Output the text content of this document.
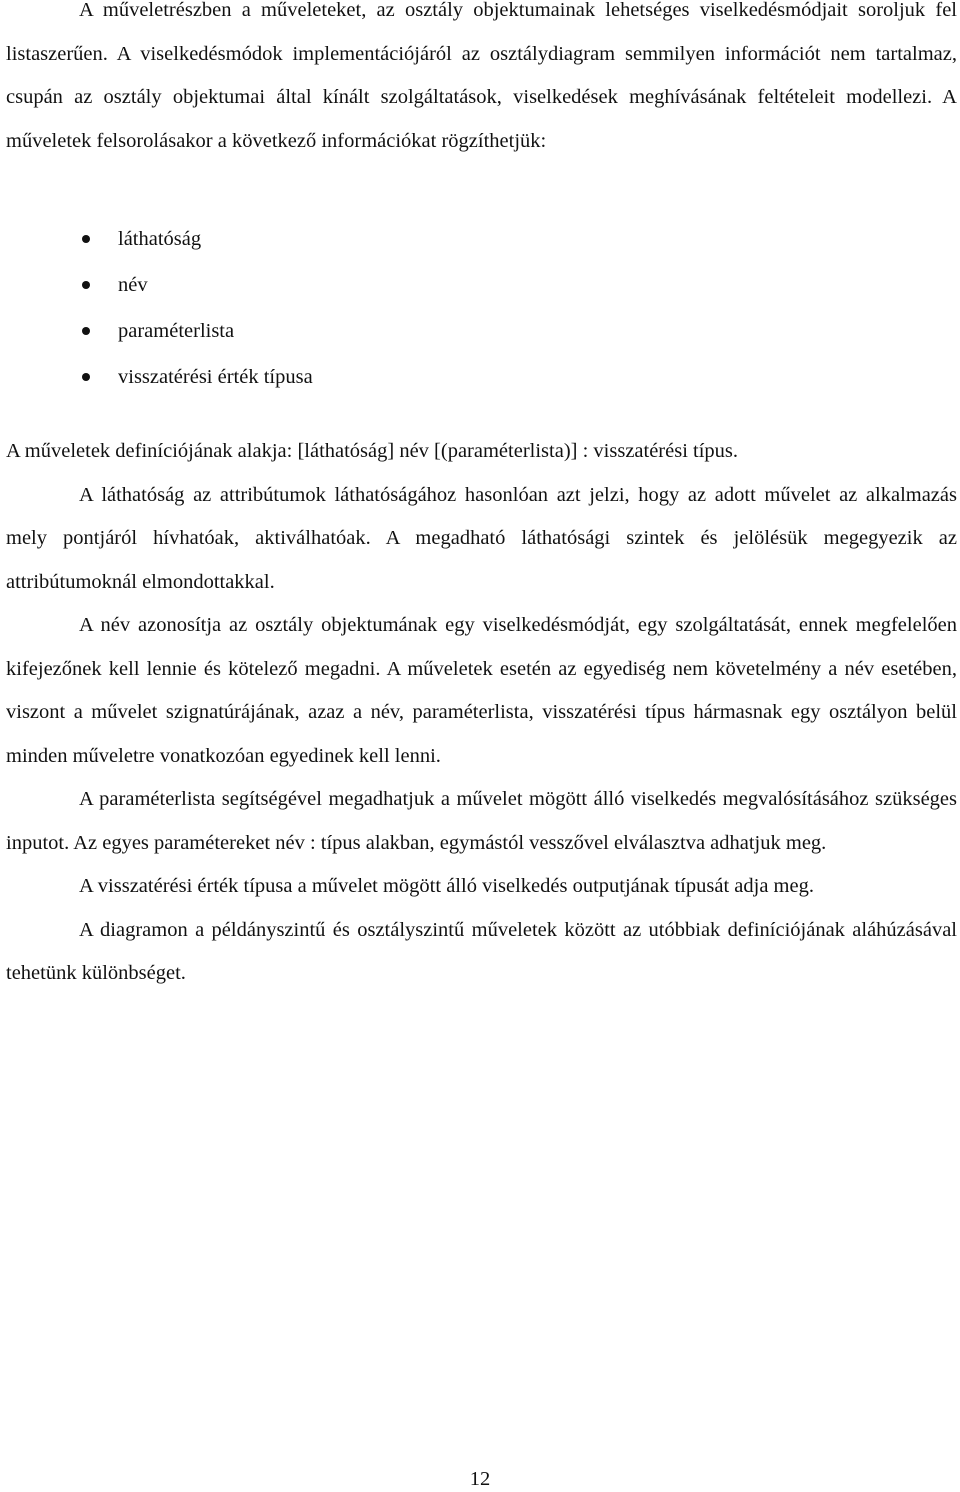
A műveletrészben a műveleteket, az osztály objektumainak lehetséges viselkedésmódjait soroljuk fel listaszerűen. A viselkedésmódok implementációjáról az osztálydiagram semmilyen információt nem tartalmaz, csupán az osztály objektumai által kínált szolgáltatások, viselkedések meghívásának feltételeit modellezi. A műveletek felsorolásakor a következő információkat rögzíthetjük:

láthatóság
név
paraméterlista
visszatérési érték típusa

A műveletek definíciójának alakja: [láthatóság] név [(paraméterlista)] : visszatérési típus.

A láthatóság az attribútumok láthatóságához hasonlóan azt jelzi, hogy az adott művelet az alkalmazás mely pontjáról hívhatóak, aktiválhatóak. A megadható láthatósági szintek és jelölésük megegyezik az attribútumoknál elmondottakkal.

A név azonosítja az osztály objektumának egy viselkedésmódját, egy szolgáltatását, ennek megfelelően kifejezőnek kell lennie és kötelező megadni. A műveletek esetén az egyediség nem követelmény a név esetében, viszont a művelet szignatúrájának, azaz a név, paraméterlista, visszatérési típus hármasnak egy osztályon belül minden műveletre vonatkozóan egyedinek kell lenni.

A paraméterlista segítségével megadhatjuk a művelet mögött álló viselkedés megvalósításához szükséges inputot. Az egyes paramétereket név : típus alakban, egymástól vesszővel elválasztva adhatjuk meg.

A visszatérési érték típusa a művelet mögött álló viselkedés outputjának típusát adja meg.

A diagramon a példányszintű és osztályszintű műveletek között az utóbbiak definíciójának aláhúzásával tehetünk különbséget.

12
